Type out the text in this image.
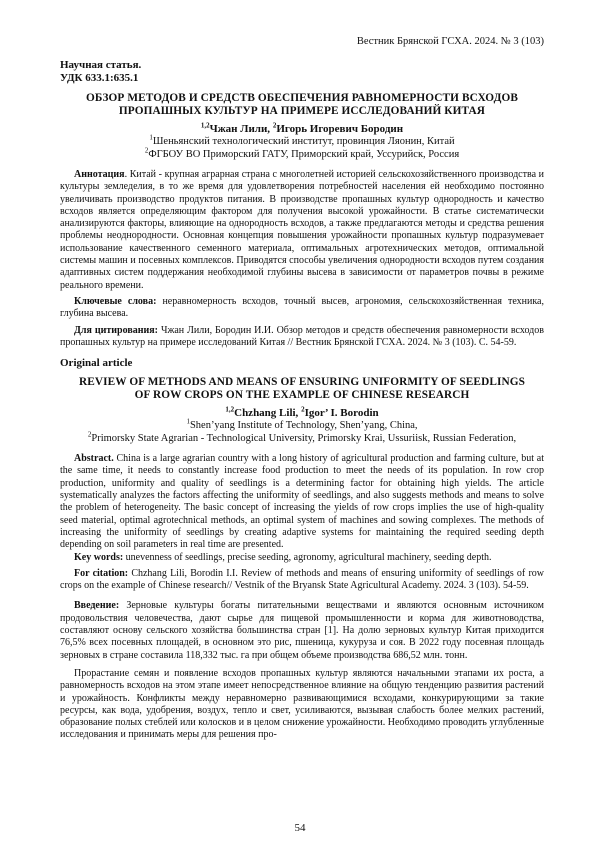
Вестник Брянской ГСХА. 2024. № 3 (103)
Научная статья.
УДК 633.1:635.1
ОБЗОР МЕТОДОВ И СРЕДСТВ ОБЕСПЕЧЕНИЯ РАВНОМЕРНОСТИ ВСХОДОВ
ПРОПАШНЫХ КУЛЬТУР НА ПРИМЕРЕ ИССЛЕДОВАНИЙ КИТАЯ
$^{1,2}$Чжан Лили, $^2$Игорь Игоревич Бородин
$^1$Шеньянский технологический институт, провинция Ляонин, Китай
$^2$ФГБОУ ВО Приморский ГАТУ, Приморский край, Уссурийск, Россия

Аннотация. Китай - крупная аграрная страна с многолетней историей сельскохозяйственного производства и культуры земледелия, в то же время для удовлетворения потребностей населения ей необходимо постоянно увеличивать производство продуктов питания. В производстве пропашных культур однородность и качество всходов является определяющим фактором для получения высокой урожайности. В статье систематически анализируются факторы, влияющие на однородность всходов, а также предлагаются методы и средства решения проблемы неоднородности. Основная концепция повышения урожайности пропашных культур подразумевает использование качественного семенного материала, оптимальных агротехнических методов, оптимальной системы машин и посевных комплексов. Приводятся способы увеличения однородности всходов путем создания адаптивных систем поддержания необходимой глубины высева в зависимости от параметров почвы в режиме реального времени.

Ключевые слова: неравномерность всходов, точный высев, агрономия, сельскохозяйственная техника, глубина высева.

Для цитирования: Чжан Лили, Бородин И.И. Обзор методов и средств обеспечения равномерности всходов пропашных культур на примере исследований Китая // Вестник Брянской ГСХА. 2024. № 3 (103). С. 54-59.

Original article
REVIEW OF METHODS AND MEANS OF ENSURING UNIFORMITY OF SEEDLINGS
OF ROW CROPS ON THE EXAMPLE OF CHINESE RESEARCH
$^{1,2}$Chzhang Lili, $^2$Igor’ I. Borodin
$^1$Shen’yang Institute of Technology, Shen’yang, China,
$^2$Primorsky State Agrarian - Technological University, Primorsky Krai, Ussuriisk, Russian Federation,

Abstract. China is a large agrarian country with a long history of agricultural production and farming culture, but at the same time, it needs to constantly increase food production to meet the needs of its population. In row crop production, uniformity and quality of seedlings is a determining factor for obtaining high yields. The article systematically analyzes the factors affecting the uniformity of seedlings, and also suggests methods and means to solve the problem of heterogeneity. The basic concept of increasing the yields of row crops implies the use of high-quality seed material, optimal agrotechnical methods, an optimal system of machines and sowing complexes. The methods of increasing the uniformity of seedlings by creating adaptive systems for maintaining the required seeding depth depending on soil parameters in real time are presented.

Key words: unevenness of seedlings, precise seeding, agronomy, agricultural machinery, seeding depth.

For citation: Chzhang Lili, Borodin I.I. Review of methods and means of ensuring uniformity of seedlings of row crops on the example of Chinese research// Vestnik of the Bryansk State Agricultural Academy. 2024. 3 (103). 54-59.

Введение: Зерновые культуры богаты питательными веществами и являются основным источником продовольствия человечества, дают сырье для пищевой промышленности и корма для животноводства, составляют основу сельского хозяйства большинства стран [1]. На долю зерновых культур Китая приходится 76,5% всех посевных площадей, в основном это рис, пшеница, кукуруза и соя. В 2022 году посевная площадь зерновых в стране составила 118,332 тыс. га при общем объеме производства 686,52 млн. тонн.

Прорастание семян и появление всходов пропашных культур являются начальными этапами их роста, а равномерность всходов на этом этапе имеет непосредственное влияние на общую тенденцию развития растений и урожайность. Конфликты между неравномерно развивающимися всходами, конкурирующими за такие ресурсы, как вода, удобрения, воздух, тепло и свет, усиливаются, вызывая слабость более мелких растений, образование полых стеблей или колосков и в целом снижение урожайности. Необходимо проводить углубленные исследования и принимать меры для решения про-

54
